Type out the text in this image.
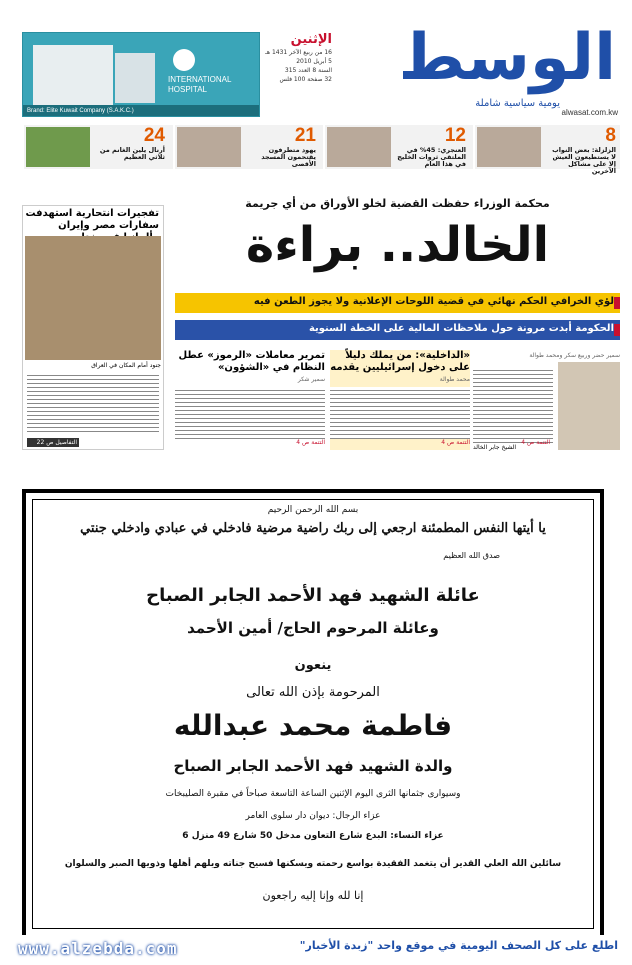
INTERNATIONAL HOSPITAL
Brand: Elite Kuwait Company (S.A.K.C.)
الإثنين
16 من ربيع الآخر 1431 هـ
5 أبريل 2010
السنة 8 العدد 315
32 صفحة 100 فلس الوسط
يومية سياسية شاملة
alwasat.com.kw
8
الزلزلة: بعض النواب لا يستطيعون العيش إلا على مشاكل الآخرين
12
العنجري: 45% في الملتقى ثروات الخليج في هذا العام
21
يهود متطرفون يقتحمون المسجد الأقصى
24
أرنال يلين الغانم من ثلاثي العظيم
محكمة الوزراء حفظت القضية لخلو الأوراق من أي جريمة
الخالد.. براءة
لؤي الخرافي الحكم نهائي في قضية اللوحات الإعلانية ولا يجوز الطعن فيه
الحكومة أبدت مرونة حول ملاحظات المالية على الخطة السنوية
تفجيرات انتحارية استهدفت سفارات مصر وإيران
جنود أمام المكان في العراق
التفاصيل ص 22
تمرير معاملات «الرموز» عطل النظام في «الشؤون»
سمير شكر
التتمة ص 4
«الداخلية»: من يملك دليلاً على دخول إسرائيليين يقدمه
محمد طوالة
التتمة ص 4
سمير حضر وربيع سكر ومحمد طوالة
الشيخ جابر الخالد
التتمة ص 4
بسم الله الرحمن الرحيم
يا أيتها النفس المطمئنة ارجعي إلى ربك راضية مرضية فادخلي في عبادي وادخلي جنتي
صدق الله العظيم
عائلة الشهيد فهد الأحمد الجابر الصباح
وعائلة المرحوم الحاج/ أمين الأحمد
ينعون
المرحومة بإذن الله تعالى
فاطمة محمد عبدالله
والدة الشهيد فهد الأحمد الجابر الصباح
وسيوارى جثمانها الثرى اليوم الإثنين الساعة التاسعة صباحاً في مقبرة الصليبخات
عزاء الرجال: ديوان دار سلوى العامر
عزاء النساء: البدع شارع التعاون مدخل 50 شارع 49 منزل 6
سائلين الله العلي القدير أن يتغمد الفقيدة بواسع رحمته ويسكنها فسيح جناته ويلهم أهلها وذويها الصبر والسلوان
إنا لله وإنا إليه راجعون
www.alzebda.com	اطلع على كل الصحف اليومية في موقع واحد "زبدة الأخبار"
